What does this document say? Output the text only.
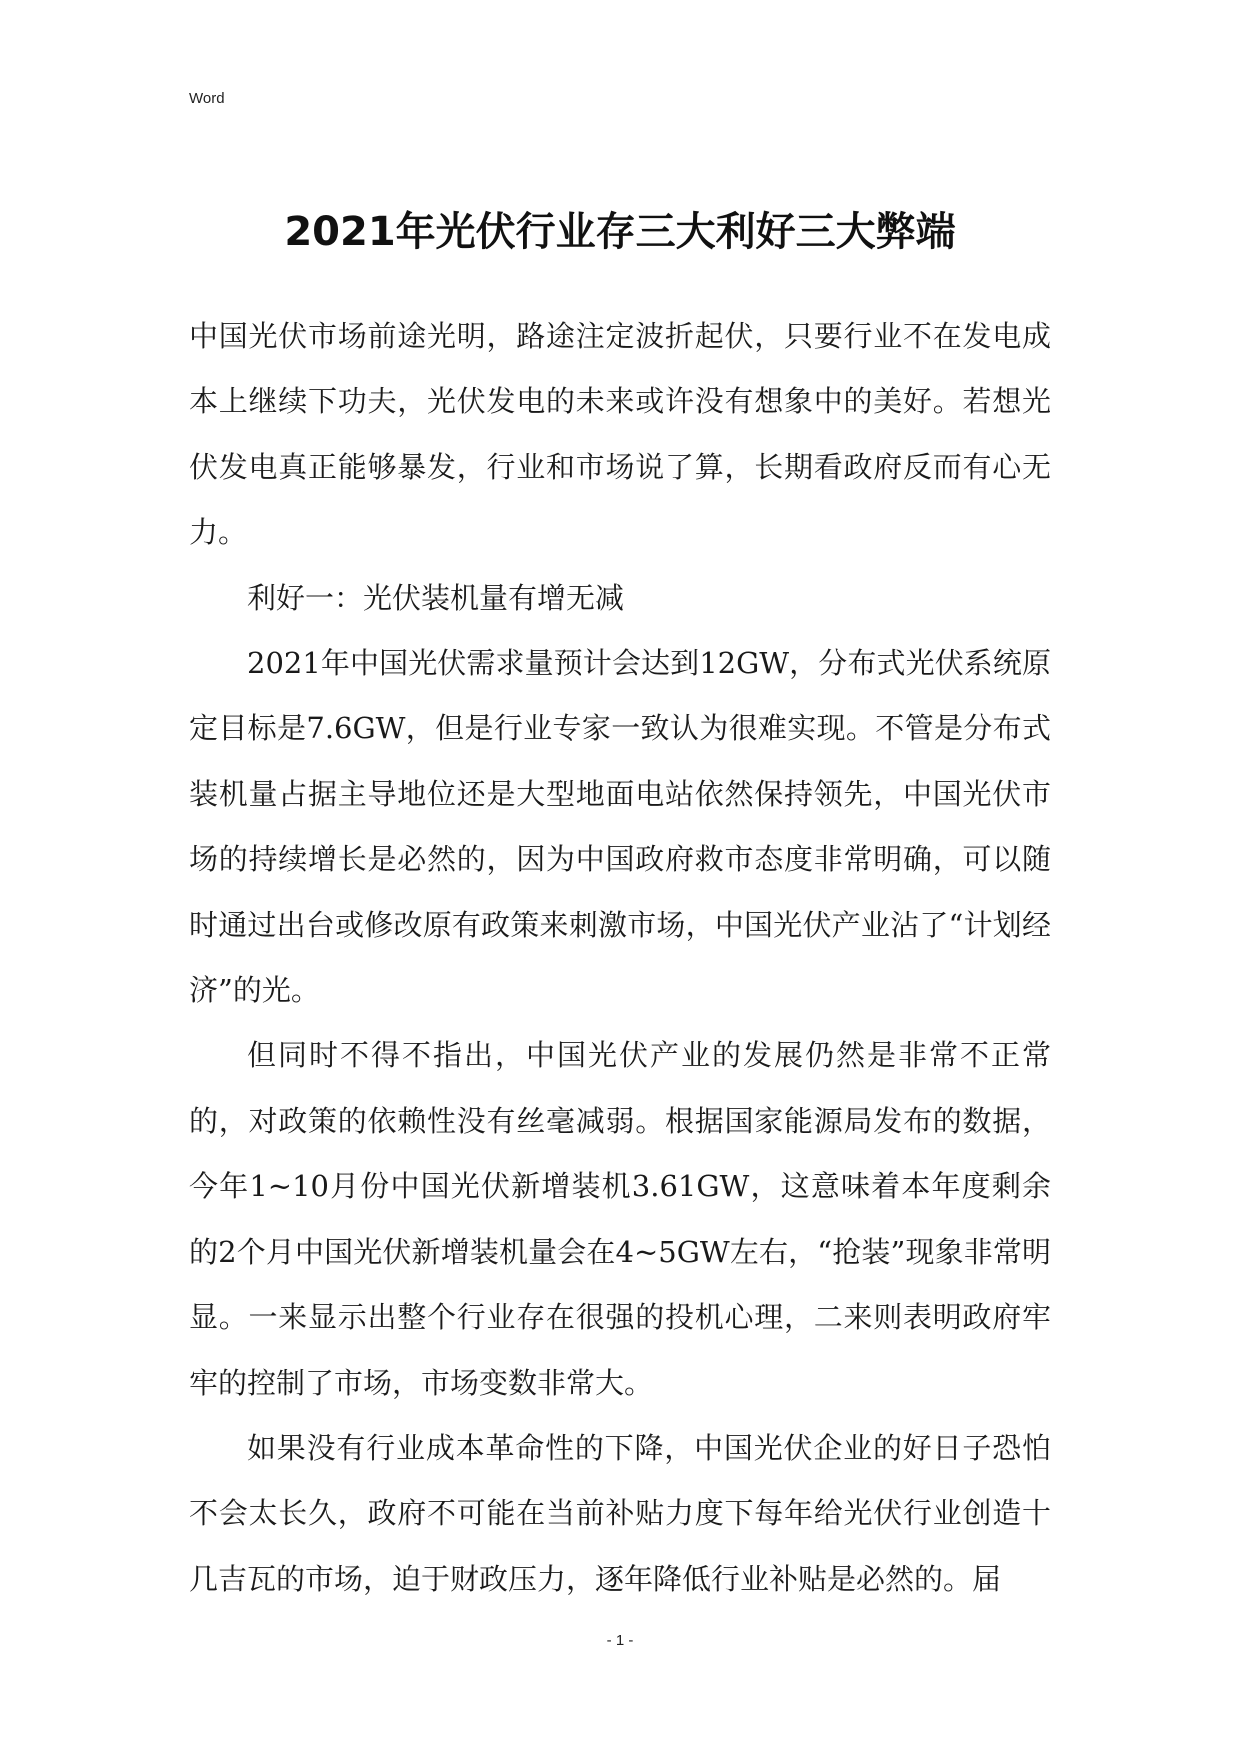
Word
2021年光伏行业存三大利好三大弊端

中国光伏市场前途光明，路途注定波折起伏，只要行业不在发电成本上继续下功夫，光伏发电的未来或许没有想象中的美好。若想光伏发电真正能够暴发，行业和市场说了算，长期看政府反而有心无力。

利好一：光伏装机量有增无减

2021年中国光伏需求量预计会达到12GW，分布式光伏系统原定目标是7.6GW，但是行业专家一致认为很难实现。不管是分布式装机量占据主导地位还是大型地面电站依然保持领先，中国光伏市场的持续增长是必然的，因为中国政府救市态度非常明确，可以随时通过出台或修改原有政策来刺激市场，中国光伏产业沾了“计划经济”的光。

但同时不得不指出，中国光伏产业的发展仍然是非常不正常的，对政策的依赖性没有丝毫减弱。根据国家能源局发布的数据，今年1~10月份中国光伏新增装机3.61GW，这意味着本年度剩余的2个月中国光伏新增装机量会在4~5GW左右，“抢装”现象非常明显。一来显示出整个行业存在很强的投机心理，二来则表明政府牢牢的控制了市场，市场变数非常大。

如果没有行业成本革命性的下降，中国光伏企业的好日子恐怕不会太长久，政府不可能在当前补贴力度下每年给光伏行业创造十几吉瓦的市场，迫于财政压力，逐年降低行业补贴是必然的。届

- 1 -
